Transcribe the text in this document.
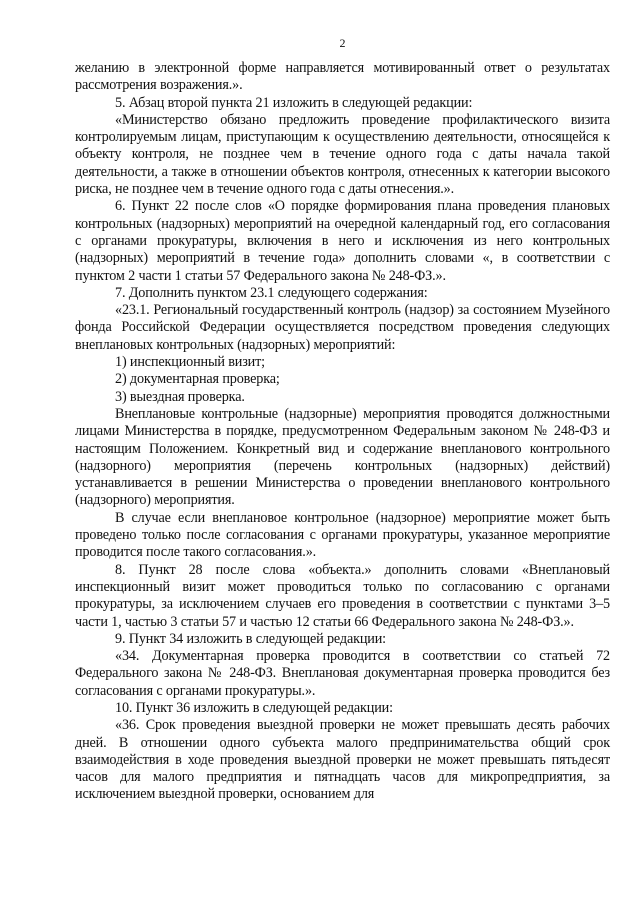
2

желанию в электронной форме направляется мотивированный ответ о результатах рассмотрения возражения.».

5. Абзац второй пункта 21 изложить в следующей редакции:

«Министерство обязано предложить проведение профилактического визита контролируемым лицам, приступающим к осуществлению деятельности, относящейся к объекту контроля, не позднее чем в течение одного года с даты начала такой деятельности, а также в отношении объектов контроля, отнесенных к категории высокого риска, не позднее чем в течение одного года с даты отнесения.».

6. Пункт 22 после слов «О порядке формирования плана проведения плановых контрольных (надзорных) мероприятий на очередной календарный год, его согласования с органами прокуратуры, включения в него и исключения из него контрольных (надзорных) мероприятий в течение года» дополнить словами «, в соответствии с пунктом 2 части 1 статьи 57 Федерального закона № 248-ФЗ.».

7. Дополнить пунктом 23.1 следующего содержания:

«23.1. Региональный государственный контроль (надзор) за состоянием Музейного фонда Российской Федерации осуществляется посредством проведения следующих внеплановых контрольных (надзорных) мероприятий:

1) инспекционный визит;

2) документарная проверка;

3) выездная проверка.

Внеплановые контрольные (надзорные) мероприятия проводятся должностными лицами Министерства в порядке, предусмотренном Федеральным законом № 248-ФЗ и настоящим Положением. Конкретный вид и содержание внепланового контрольного (надзорного) мероприятия (перечень контрольных (надзорных) действий) устанавливается в решении Министерства о проведении внепланового контрольного (надзорного) мероприятия.

В случае если внеплановое контрольное (надзорное) мероприятие может быть проведено только после согласования с органами прокуратуры, указанное мероприятие проводится после такого согласования.».

8. Пункт 28 после слова «объекта.» дополнить словами «Внеплановый инспекционный визит может проводиться только по согласованию с органами прокуратуры, за исключением случаев его проведения в соответствии с пунктами 3–5 части 1, частью 3 статьи 57 и частью 12 статьи 66 Федерального закона № 248-ФЗ.».

9. Пункт 34 изложить в следующей редакции:

«34. Документарная проверка проводится в соответствии со статьей 72 Федерального закона № 248-ФЗ. Внеплановая документарная проверка проводится без согласования с органами прокуратуры.».

10. Пункт 36 изложить в следующей редакции:

«36. Срок проведения выездной проверки не может превышать десять рабочих дней. В отношении одного субъекта малого предпринимательства общий срок взаимодействия в ходе проведения выездной проверки не может превышать пятьдесят часов для малого предприятия и пятнадцать часов для микропредприятия, за исключением выездной проверки, основанием для
